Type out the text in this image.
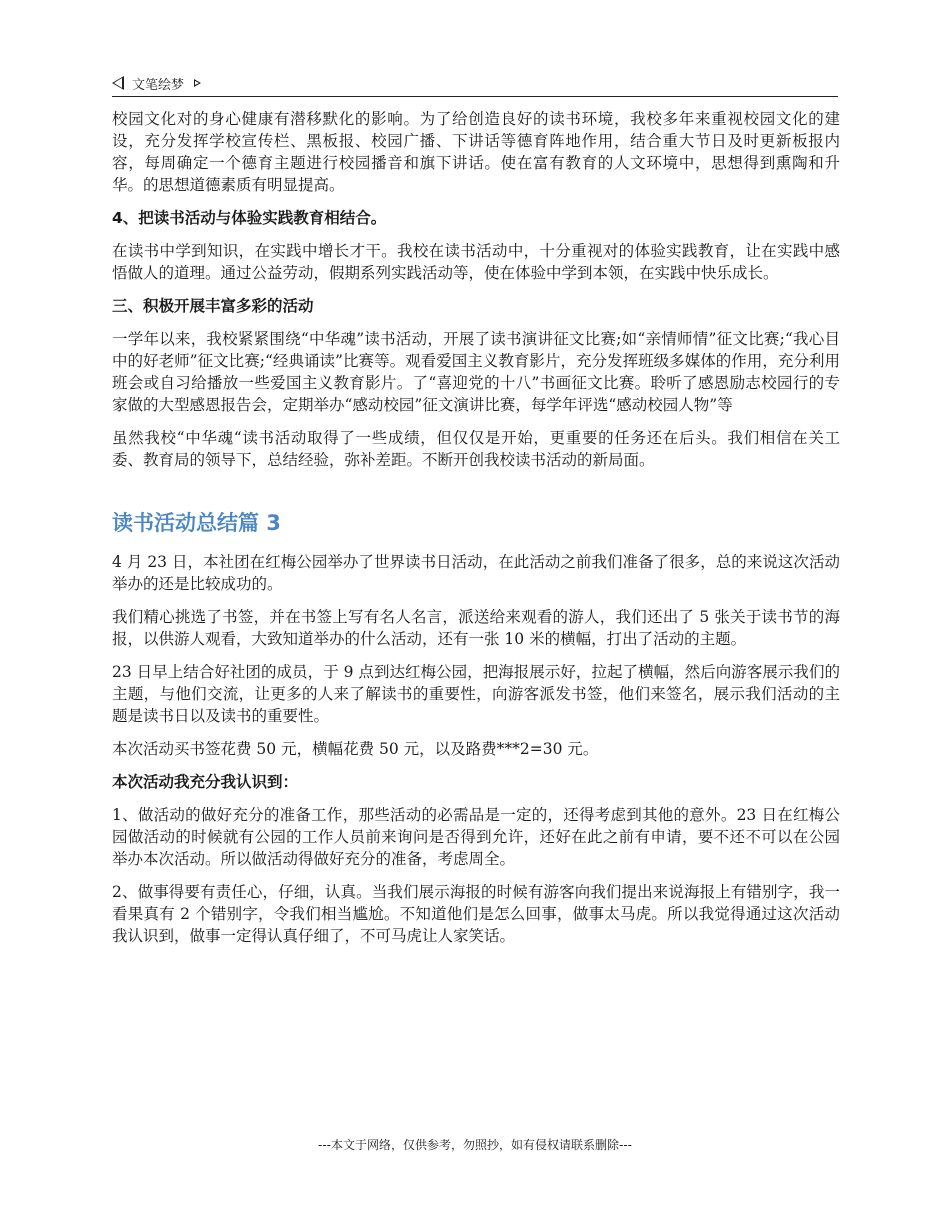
文笔绘梦

校园文化对的身心健康有潜移默化的影响。为了给创造良好的读书环境，我校多年来重视校园文化的建设，充分发挥学校宣传栏、黑板报、校园广播、下讲话等德育阵地作用，结合重大节日及时更新板报内容，每周确定一个德育主题进行校园播音和旗下讲话。使在富有教育的人文环境中，思想得到熏陶和升华。的思想道德素质有明显提高。

4、把读书活动与体验实践教育相结合。

在读书中学到知识，在实践中增长才干。我校在读书活动中，十分重视对的体验实践教育，让在实践中感悟做人的道理。通过公益劳动，假期系列实践活动等，使在体验中学到本领，在实践中快乐成长。

三、积极开展丰富多彩的活动

一学年以来，我校紧紧围绕“中华魂”读书活动，开展了读书演讲征文比赛;如“亲情师情”征文比赛;“我心目中的好老师”征文比赛;“经典诵读”比赛等。观看爱国主义教育影片，充分发挥班级多媒体的作用，充分利用班会或自习给播放一些爱国主义教育影片。了“喜迎党的十八”书画征文比赛。聆听了感恩励志校园行的专家做的大型感恩报告会，定期举办“感动校园”征文演讲比赛，每学年评选“感动校园人物”等

虽然我校“中华魂“读书活动取得了一些成绩，但仅仅是开始，更重要的任务还在后头。我们相信在关工委、教育局的领导下，总结经验，弥补差距。不断开创我校读书活动的新局面。

读书活动总结篇 3

4 月 23 日，本社团在红梅公园举办了世界读书日活动，在此活动之前我们准备了很多，总的来说这次活动举办的还是比较成功的。

我们精心挑选了书签，并在书签上写有名人名言，派送给来观看的游人，我们还出了 5 张关于读书节的海报，以供游人观看，大致知道举办的什么活动，还有一张 10 米的横幅，打出了活动的主题。

23 日早上结合好社团的成员，于 9 点到达红梅公园，把海报展示好，拉起了横幅，然后向游客展示我们的主题，与他们交流，让更多的人来了解读书的重要性，向游客派发书签，他们来签名，展示我们活动的主题是读书日以及读书的重要性。

本次活动买书签花费 50 元，横幅花费 50 元，以及路费***2=30 元。

本次活动我充分我认识到：

1、做活动的做好充分的准备工作，那些活动的必需品是一定的，还得考虑到其他的意外。23 日在红梅公园做活动的时候就有公园的工作人员前来询问是否得到允许，还好在此之前有申请，要不还不可以在公园举办本次活动。所以做活动得做好充分的准备，考虑周全。

2、做事得要有责任心，仔细，认真。当我们展示海报的时候有游客向我们提出来说海报上有错别字，我一看果真有 2 个错别字，令我们相当尴尬。不知道他们是怎么回事，做事太马虎。所以我觉得通过这次活动我认识到，做事一定得认真仔细了，不可马虎让人家笑话。

---本文于网络，仅供参考，勿照抄，如有侵权请联系删除---
